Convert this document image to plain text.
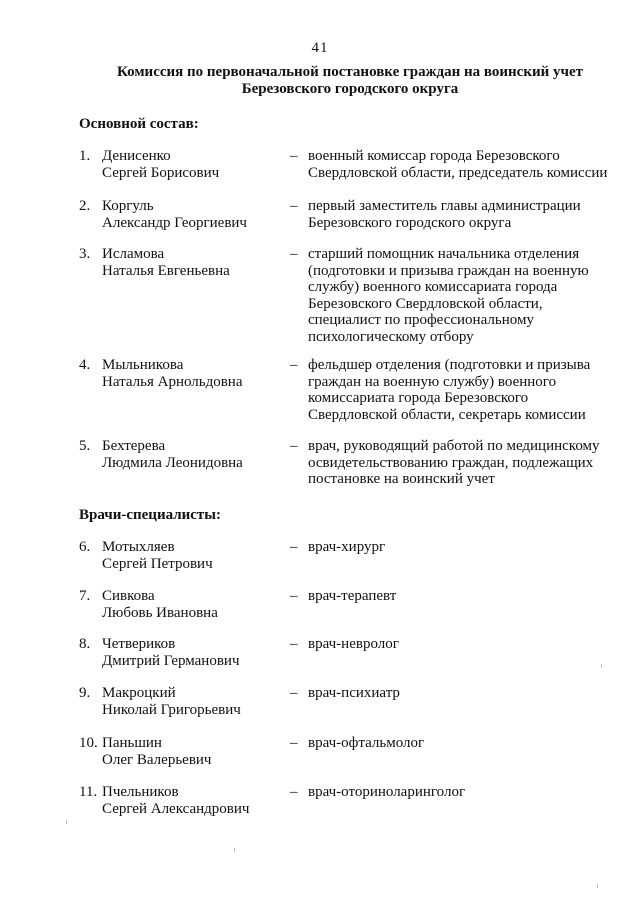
41
Комиссия по первоначальной постановке граждан на воинский учет
Березовского городского округа
Основной состав:
1. Денисенко
Сергей Борисович
– военный комиссар города Березовского
Свердловской области, председатель комиссии
2. Коргуль
Александр Георгиевич
– первый заместитель главы администрации
Березовского городского округа
3. Исламова
Наталья Евгеньевна
– старший помощник начальника отделения
(подготовки и призыва граждан на военную
службу) военного комиссариата города
Березовского Свердловской области,
специалист по профессиональному
психологическому отбору
4. Мыльникова
Наталья Арнольдовна
– фельдшер отделения (подготовки и призыва
граждан на военную службу) военного
комиссариата города Березовского
Свердловской области, секретарь комиссии
5. Бехтерева
Людмила Леонидовна
– врач, руководящий работой по медицинскому
освидетельствованию граждан, подлежащих
постановке на воинский учет
Врачи-специалисты:
6. Мотыхляев
Сергей Петрович
– врач-хирург
7. Сивкова
Любовь Ивановна
– врач-терапевт
8. Четвериков
Дмитрий Германович
– врач-невролог
9. Макроцкий
Николай Григорьевич
– врач-психиатр
10. Паньшин
Олег Валерьевич
– врач-офтальмолог
11. Пчельников
Сергей Александрович
– врач-оториноларинголог
